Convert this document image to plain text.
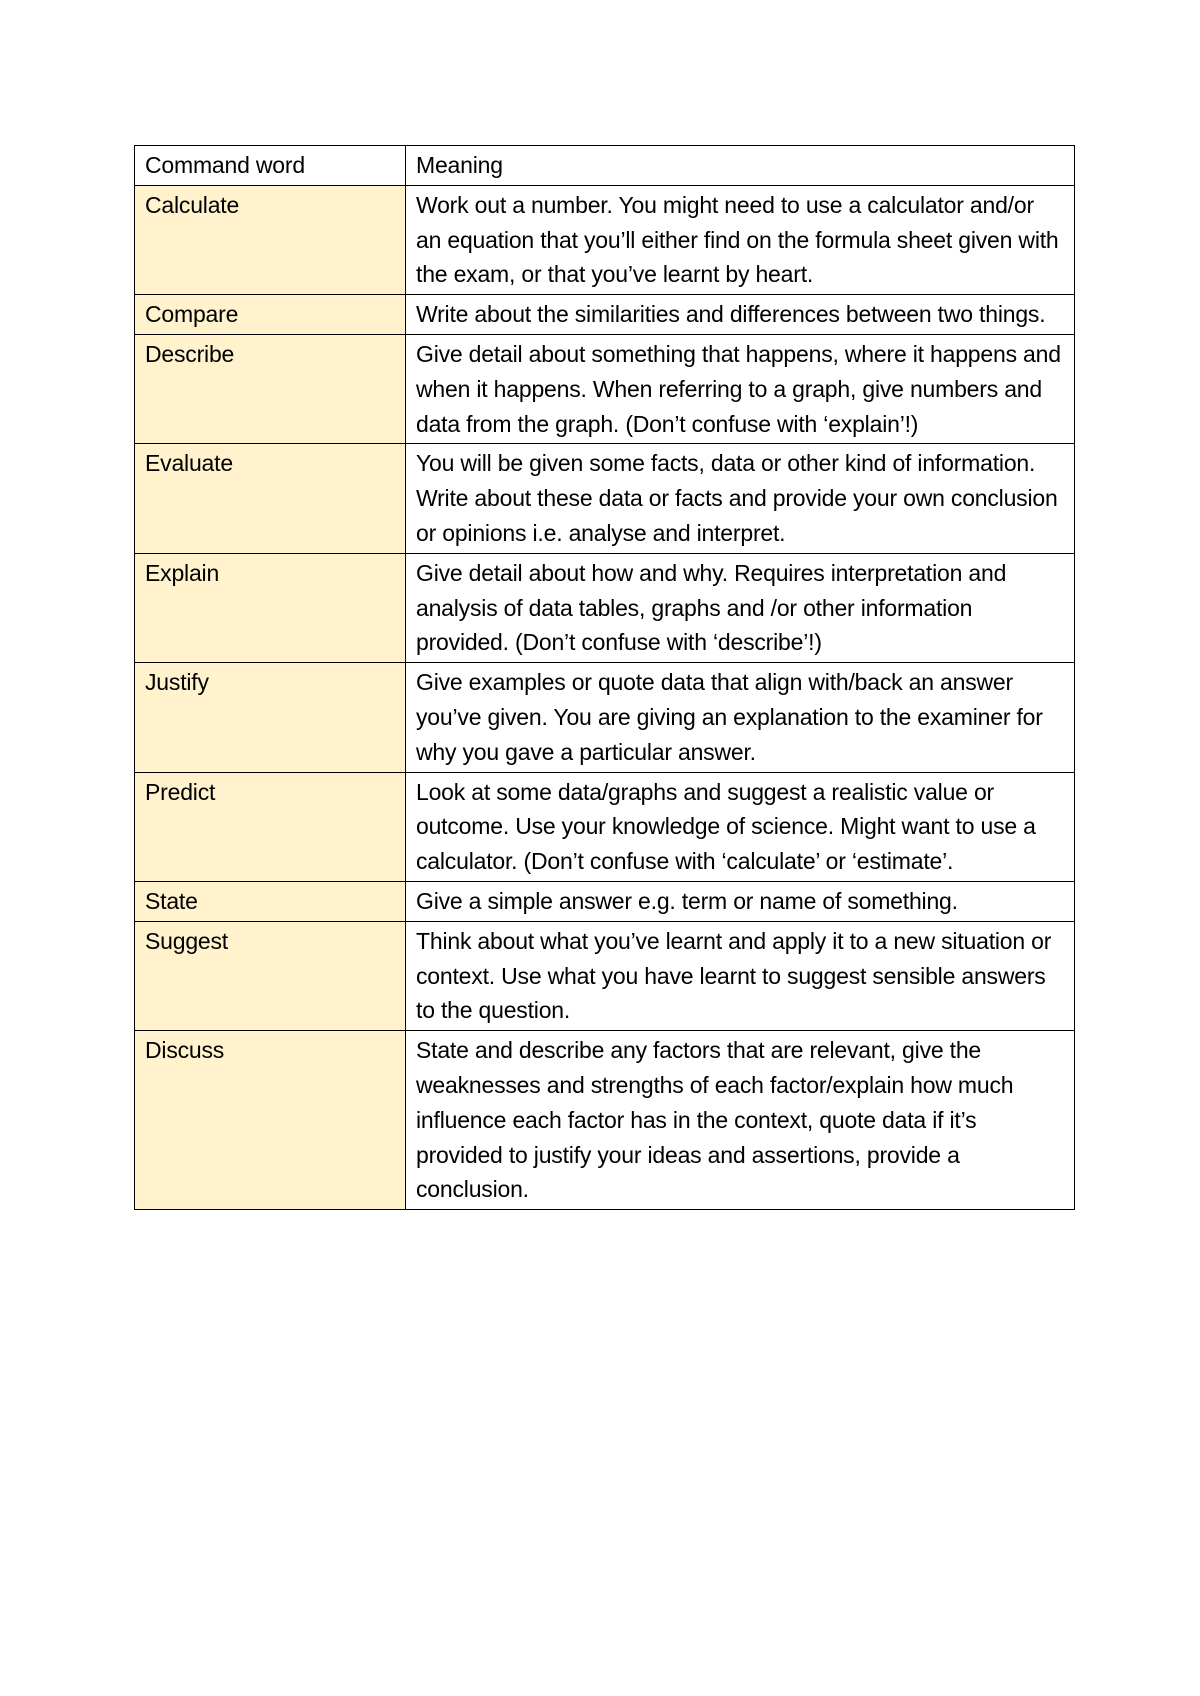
Command word	Meaning
Calculate	Work out a number. You might need to use a calculator and/or an equation that you’ll either find on the formula sheet given with the exam, or that you’ve learnt by heart.
Compare	Write about the similarities and differences between two things.
Describe	Give detail about something that happens, where it happens and when it happens. When referring to a graph, give numbers and data from the graph. (Don’t confuse with ‘explain’!)
Evaluate	You will be given some facts, data or other kind of information. Write about these data or facts and provide your own conclusion or opinions i.e. analyse and interpret.
Explain	Give detail about how and why. Requires interpretation and analysis of data tables, graphs and /or other information provided. (Don’t confuse with ‘describe’!)
Justify	Give examples or quote data that align with/back an answer you’ve given. You are giving an explanation to the examiner for why you gave a particular answer.
Predict	Look at some data/graphs and suggest a realistic value or outcome. Use your knowledge of science. Might want to use a calculator. (Don’t confuse with ‘calculate’ or ‘estimate’.
State	Give a simple answer e.g. term or name of something.
Suggest	Think about what you’ve learnt and apply it to a new situation or context. Use what you have learnt to suggest sensible answers to the question.
Discuss	State and describe any factors that are relevant, give the weaknesses and strengths of each factor/explain how much influence each factor has in the context, quote data if it’s provided to justify your ideas and assertions, provide a conclusion.
